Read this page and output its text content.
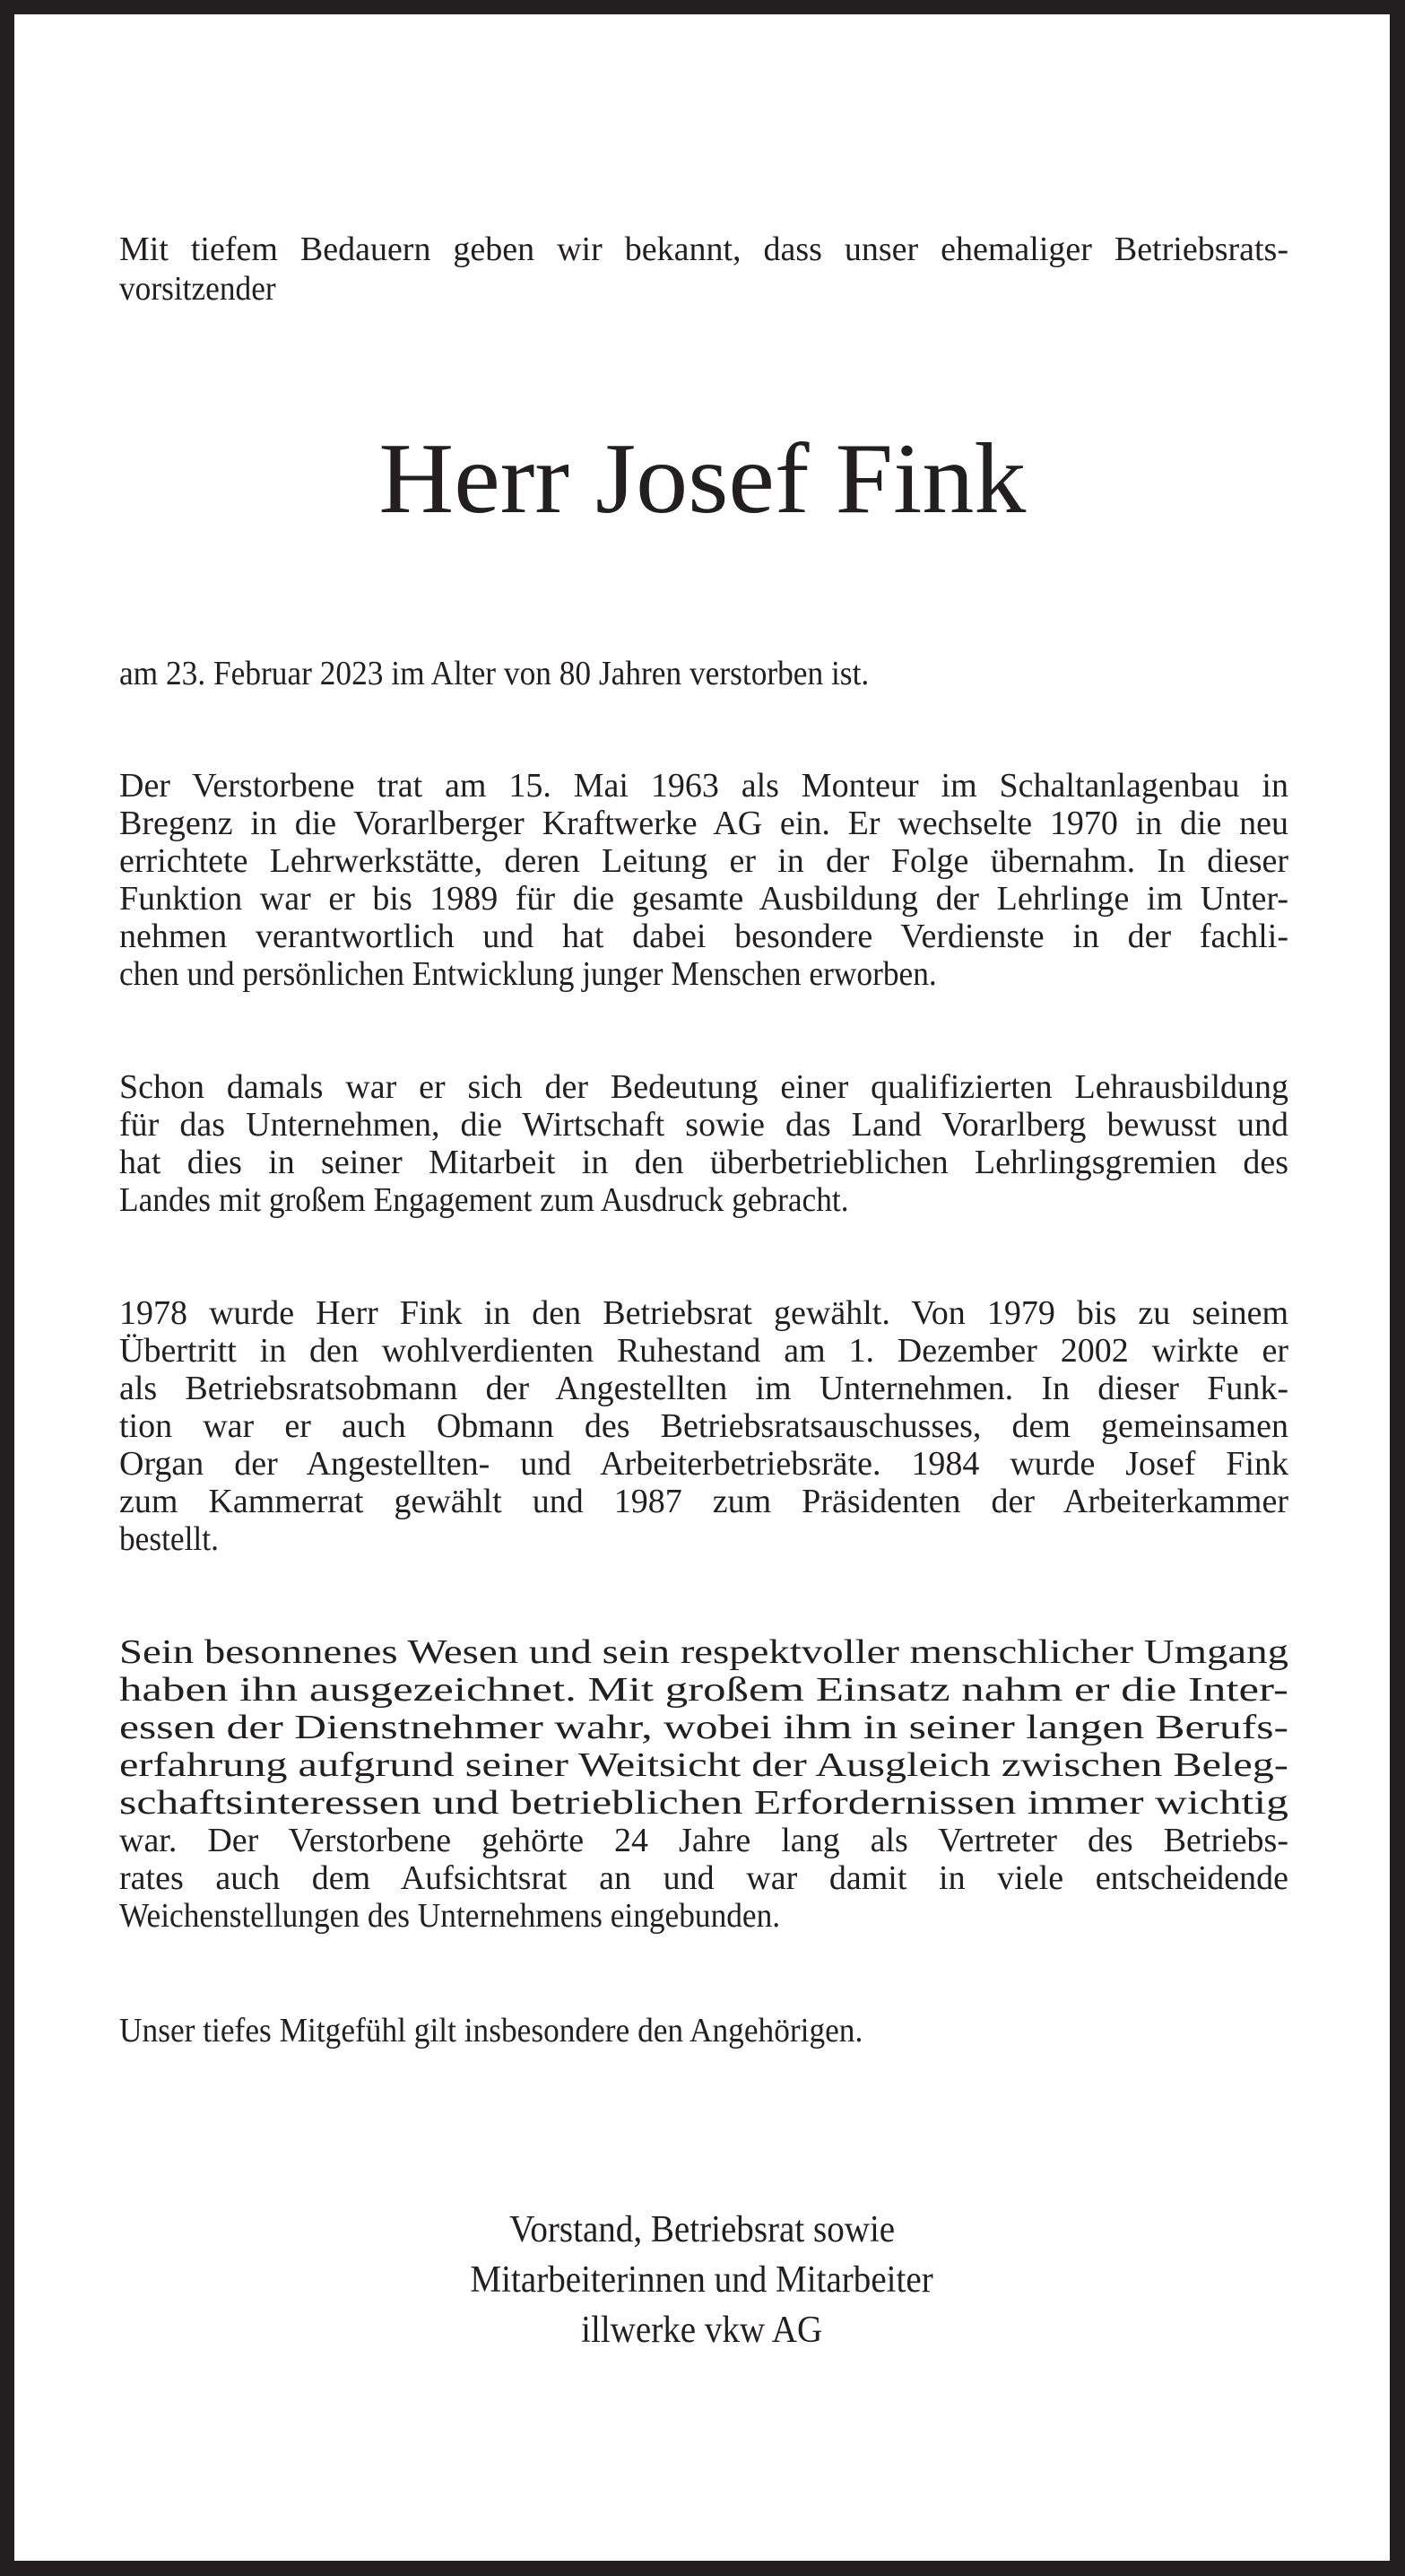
Mit tiefem Bedauern geben wir bekannt, dass unser ehemaliger Betriebsrats-
vorsitzender
Herr Josef Fink
am 23. Februar 2023 im Alter von 80 Jahren verstorben ist.
Der Verstorbene trat am 15. Mai 1963 als Monteur im Schaltanlagenbau in
Bregenz in die Vorarlberger Kraftwerke AG ein. Er wechselte 1970 in die neu
errichtete Lehrwerkstätte, deren Leitung er in der Folge übernahm. In dieser
Funktion war er bis 1989 für die gesamte Ausbildung der Lehrlinge im Unter-
nehmen verantwortlich und hat dabei besondere Verdienste in der fachli-
chen und persönlichen Entwicklung junger Menschen erworben.
Schon damals war er sich der Bedeutung einer qualifizierten Lehrausbildung
für das Unternehmen, die Wirtschaft sowie das Land Vorarlberg bewusst und
hat dies in seiner Mitarbeit in den überbetrieblichen Lehrlingsgremien des
Landes mit großem Engagement zum Ausdruck gebracht.
1978 wurde Herr Fink in den Betriebsrat gewählt. Von 1979 bis zu seinem
Übertritt in den wohlverdienten Ruhestand am 1. Dezember 2002 wirkte er
als Betriebsratsobmann der Angestellten im Unternehmen. In dieser Funk-
tion war er auch Obmann des Betriebsratsauschusses, dem gemeinsamen
Organ der Angestellten- und Arbeiterbetriebsräte. 1984 wurde Josef Fink
zum Kammerrat gewählt und 1987 zum Präsidenten der Arbeiterkammer
bestellt.
Sein besonnenes Wesen und sein respektvoller menschlicher Umgang
haben ihn ausgezeichnet. Mit großem Einsatz nahm er die Inter-
essen der Dienstnehmer wahr, wobei ihm in seiner langen Berufs-
erfahrung aufgrund seiner Weitsicht der Ausgleich zwischen Beleg-
schaftsinteressen und betrieblichen Erfordernissen immer wichtig
war. Der Verstorbene gehörte 24 Jahre lang als Vertreter des Betriebs-
rates auch dem Aufsichtsrat an und war damit in viele entscheidende
Weichenstellungen des Unternehmens eingebunden.
Unser tiefes Mitgefühl gilt insbesondere den Angehörigen.
Vorstand, Betriebsrat sowie
Mitarbeiterinnen und Mitarbeiter
illwerke vkw AG
